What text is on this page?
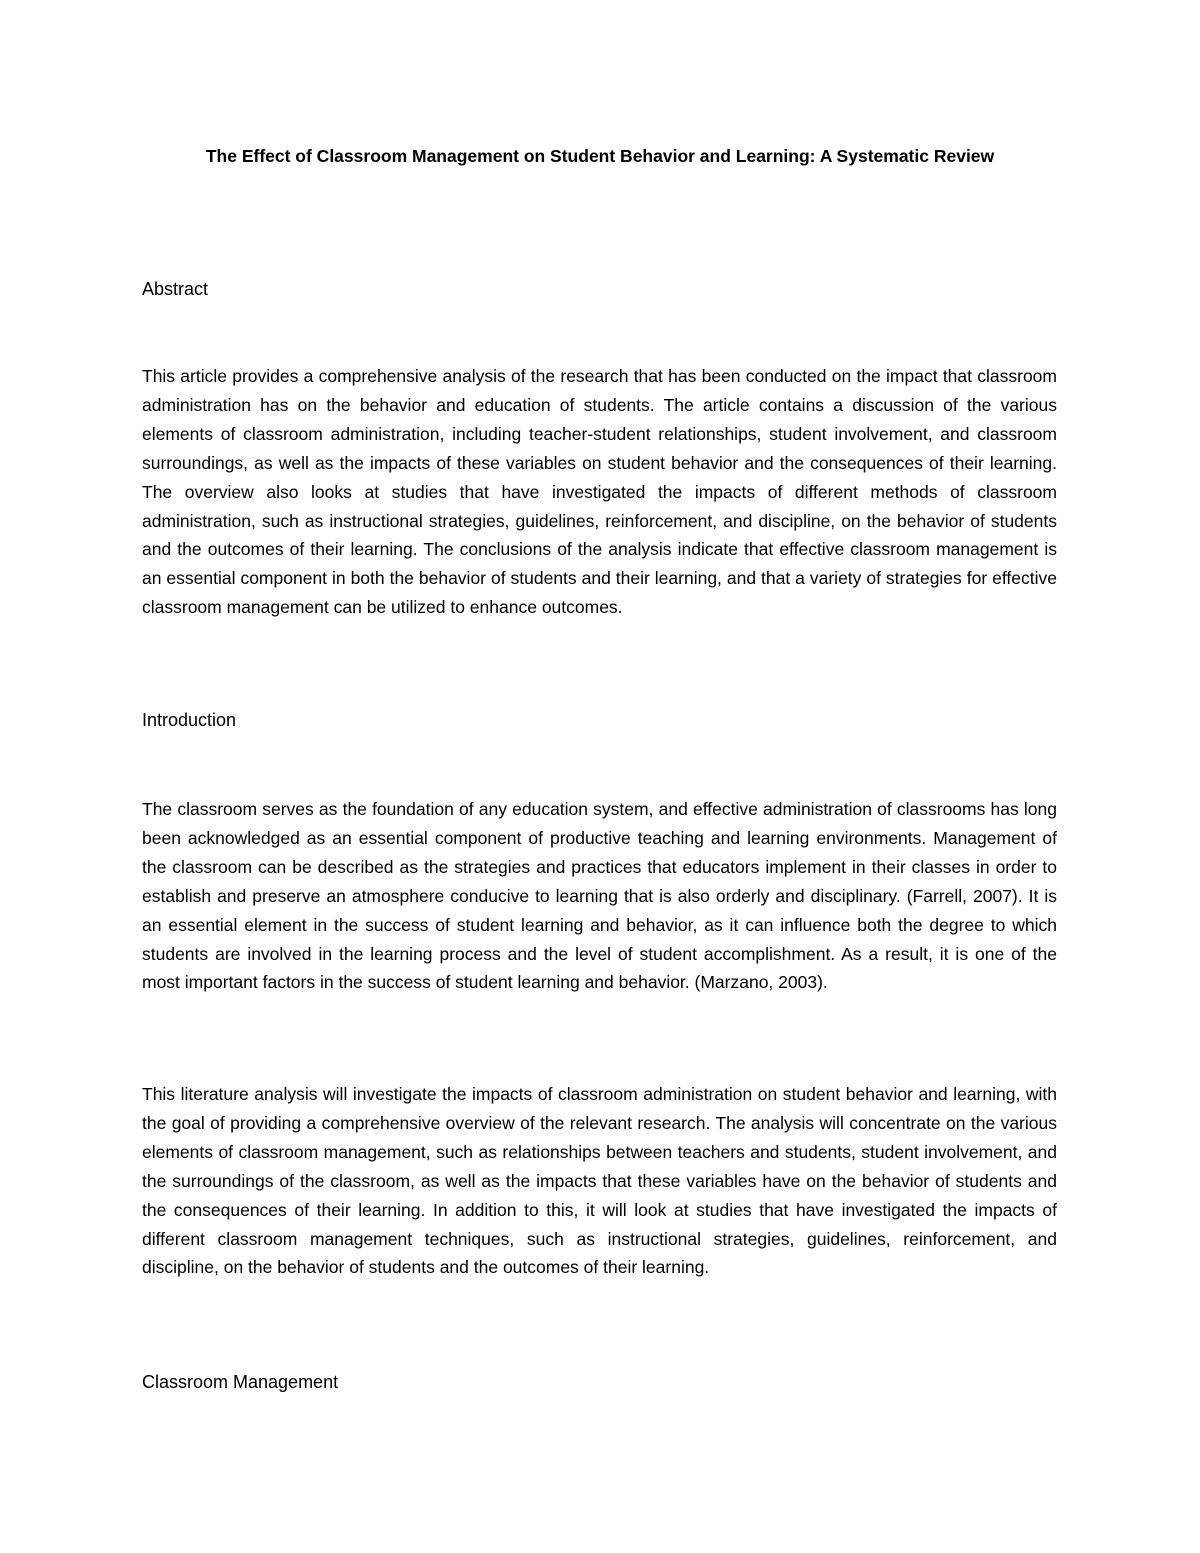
The Effect of Classroom Management on Student Behavior and Learning: A Systematic Review
Abstract

This article provides a comprehensive analysis of the research that has been conducted on the impact that classroom administration has on the behavior and education of students. The article contains a discussion of the various elements of classroom administration, including teacher-student relationships, student involvement, and classroom surroundings, as well as the impacts of these variables on student behavior and the consequences of their learning. The overview also looks at studies that have investigated the impacts of different methods of classroom administration, such as instructional strategies, guidelines, reinforcement, and discipline, on the behavior of students and the outcomes of their learning. The conclusions of the analysis indicate that effective classroom management is an essential component in both the behavior of students and their learning, and that a variety of strategies for effective classroom management can be utilized to enhance outcomes.

Introduction

The classroom serves as the foundation of any education system, and effective administration of classrooms has long been acknowledged as an essential component of productive teaching and learning environments. Management of the classroom can be described as the strategies and practices that educators implement in their classes in order to establish and preserve an atmosphere conducive to learning that is also orderly and disciplinary. (Farrell, 2007). It is an essential element in the success of student learning and behavior, as it can influence both the degree to which students are involved in the learning process and the level of student accomplishment. As a result, it is one of the most important factors in the success of student learning and behavior. (Marzano, 2003).

This literature analysis will investigate the impacts of classroom administration on student behavior and learning, with the goal of providing a comprehensive overview of the relevant research. The analysis will concentrate on the various elements of classroom management, such as relationships between teachers and students, student involvement, and the surroundings of the classroom, as well as the impacts that these variables have on the behavior of students and the consequences of their learning. In addition to this, it will look at studies that have investigated the impacts of different classroom management techniques, such as instructional strategies, guidelines, reinforcement, and discipline, on the behavior of students and the outcomes of their learning.

Classroom Management
